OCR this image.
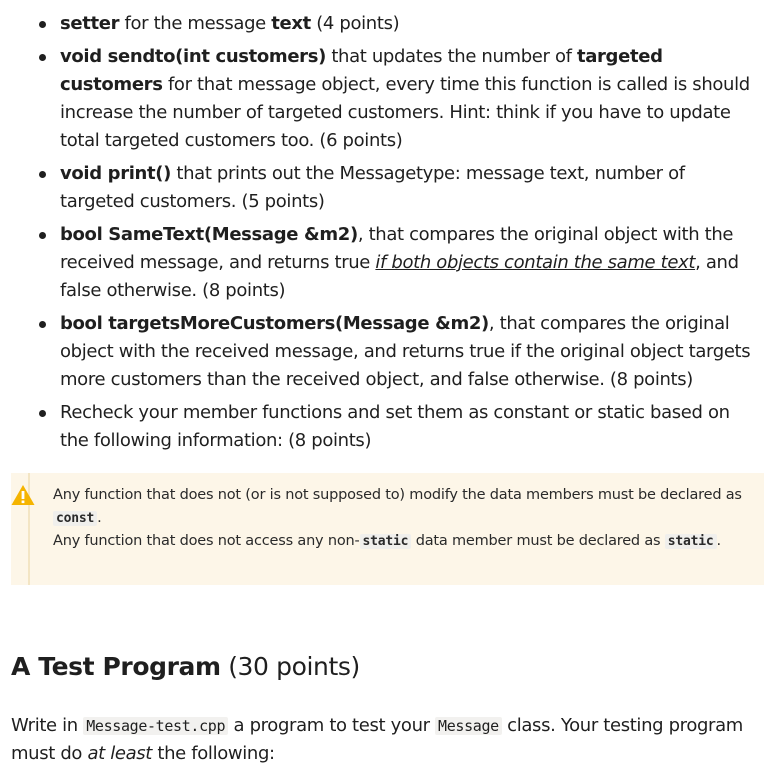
setter for the message text (4 points)
void sendto(int customers) that updates the number of targeted customers for that message object, every time this function is called is should increase the number of targeted customers. Hint: think if you have to update total targeted customers too. (6 points)
void print() that prints out the Messagetype: message text, number of targeted customers. (5 points)
bool SameText(Message &m2), that compares the original object with the received message, and returns true if both objects contain the same text, and false otherwise. (8 points)
bool targetsMoreCustomers(Message &m2), that compares the original object with the received message, and returns true if the original object targets more customers than the received object, and false otherwise. (8 points)
Recheck your member functions and set them as constant or static based on the following information: (8 points)
Any function that does not (or is not supposed to) modify the data members must be declared as const .
Any function that does not access any non- static data member must be declared as static .
A Test Program (30 points)
Write in Message-test.cpp a program to test your Message class. Your testing program must do at least the following:
